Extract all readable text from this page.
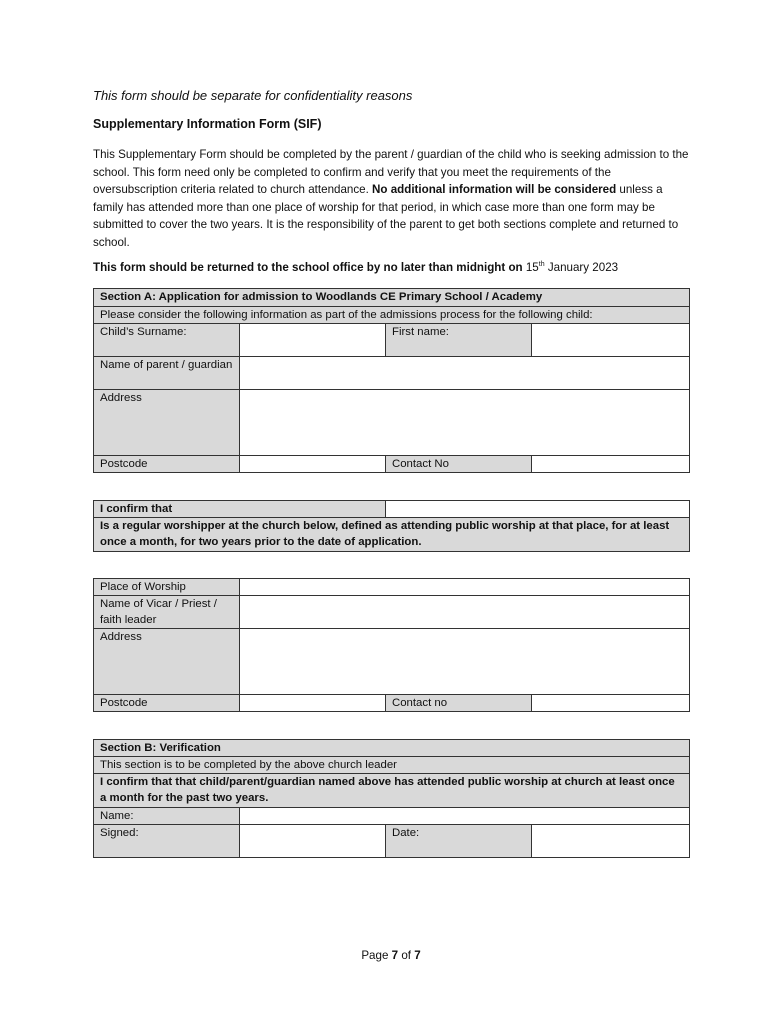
This form should be separate for confidentiality reasons
Supplementary Information Form (SIF)
This Supplementary Form should be completed by the parent / guardian of the child who is seeking admission to the school. This form need only be completed to confirm and verify that you meet the requirements of the oversubscription criteria related to church attendance. No additional information will be considered unless a family has attended more than one place of worship for that period, in which case more than one form may be submitted to cover the two years. It is the responsibility of the parent to get both sections complete and returned to school.
This form should be returned to the school office by no later than midnight on 15th January 2023
Section A: Application for admission to Woodlands CE Primary School / Academy			
Please consider the following information as part of the admissions process for the following child:			
Child’s Surname:		First name:	
Name of parent / guardian			
Address			
Postcode		Contact No	
I confirm that	
Is a regular worshipper at the church below, defined as attending public worship at that place, for at least once a month, for two years prior to the date of application.
Place of Worship			
Name of Vicar / Priest / faith leader			
Address			
Postcode		Contact no	
Section B: Verification			
This section is to be completed by the above church leader			
I confirm that that child/parent/guardian named above has attended public worship at church at least once a month for the past two years.			
Name:			
Signed:		Date:	
Page 7 of 7
